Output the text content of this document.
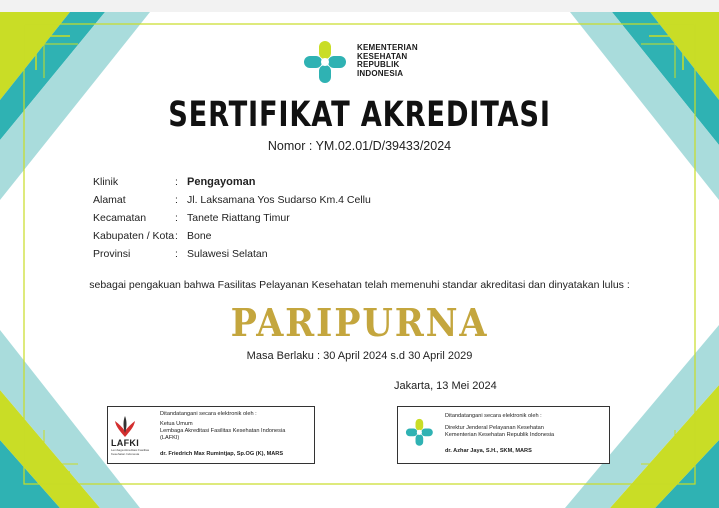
KEMENTERIAN
KESEHATAN
REPUBLIK
INDONESIA
SERTIFIKAT AKREDITASI
Nomor : YM.02.01/D/39433/2024
Klinik	: Pengayoman
Alamat	: Jl. Laksamana Yos Sudarso Km.4 Cellu
Kecamatan	: Tanete Riattang Timur
Kabupaten / Kota : Bone
Provinsi	: Sulawesi Selatan
sebagai pengakuan bahwa Fasilitas Pelayanan Kesehatan telah memenuhi standar akreditasi dan dinyatakan lulus :
PARIPURNA
Masa Berlaku : 30 April 2024 s.d 30 April 2029
Jakarta, 13 Mei 2024
LAFKI
Lembaga Akreditasi Fasilitas Kesehatan Indonesia
Ditandatangani secara elektronik oleh :
Ketua Umum
Lembaga Akreditasi Fasilitas Kesehatan Indonesia
(LAFKI)
dr. Friedrich Max Rumintjap, Sp.OG (K), MARS
Ditandatangani secara elektronik oleh :
Direktur Jenderal Pelayanan Kesehatan
Kementerian Kesehatan Republik Indonesia
dr. Azhar Jaya, S.H., SKM, MARS
